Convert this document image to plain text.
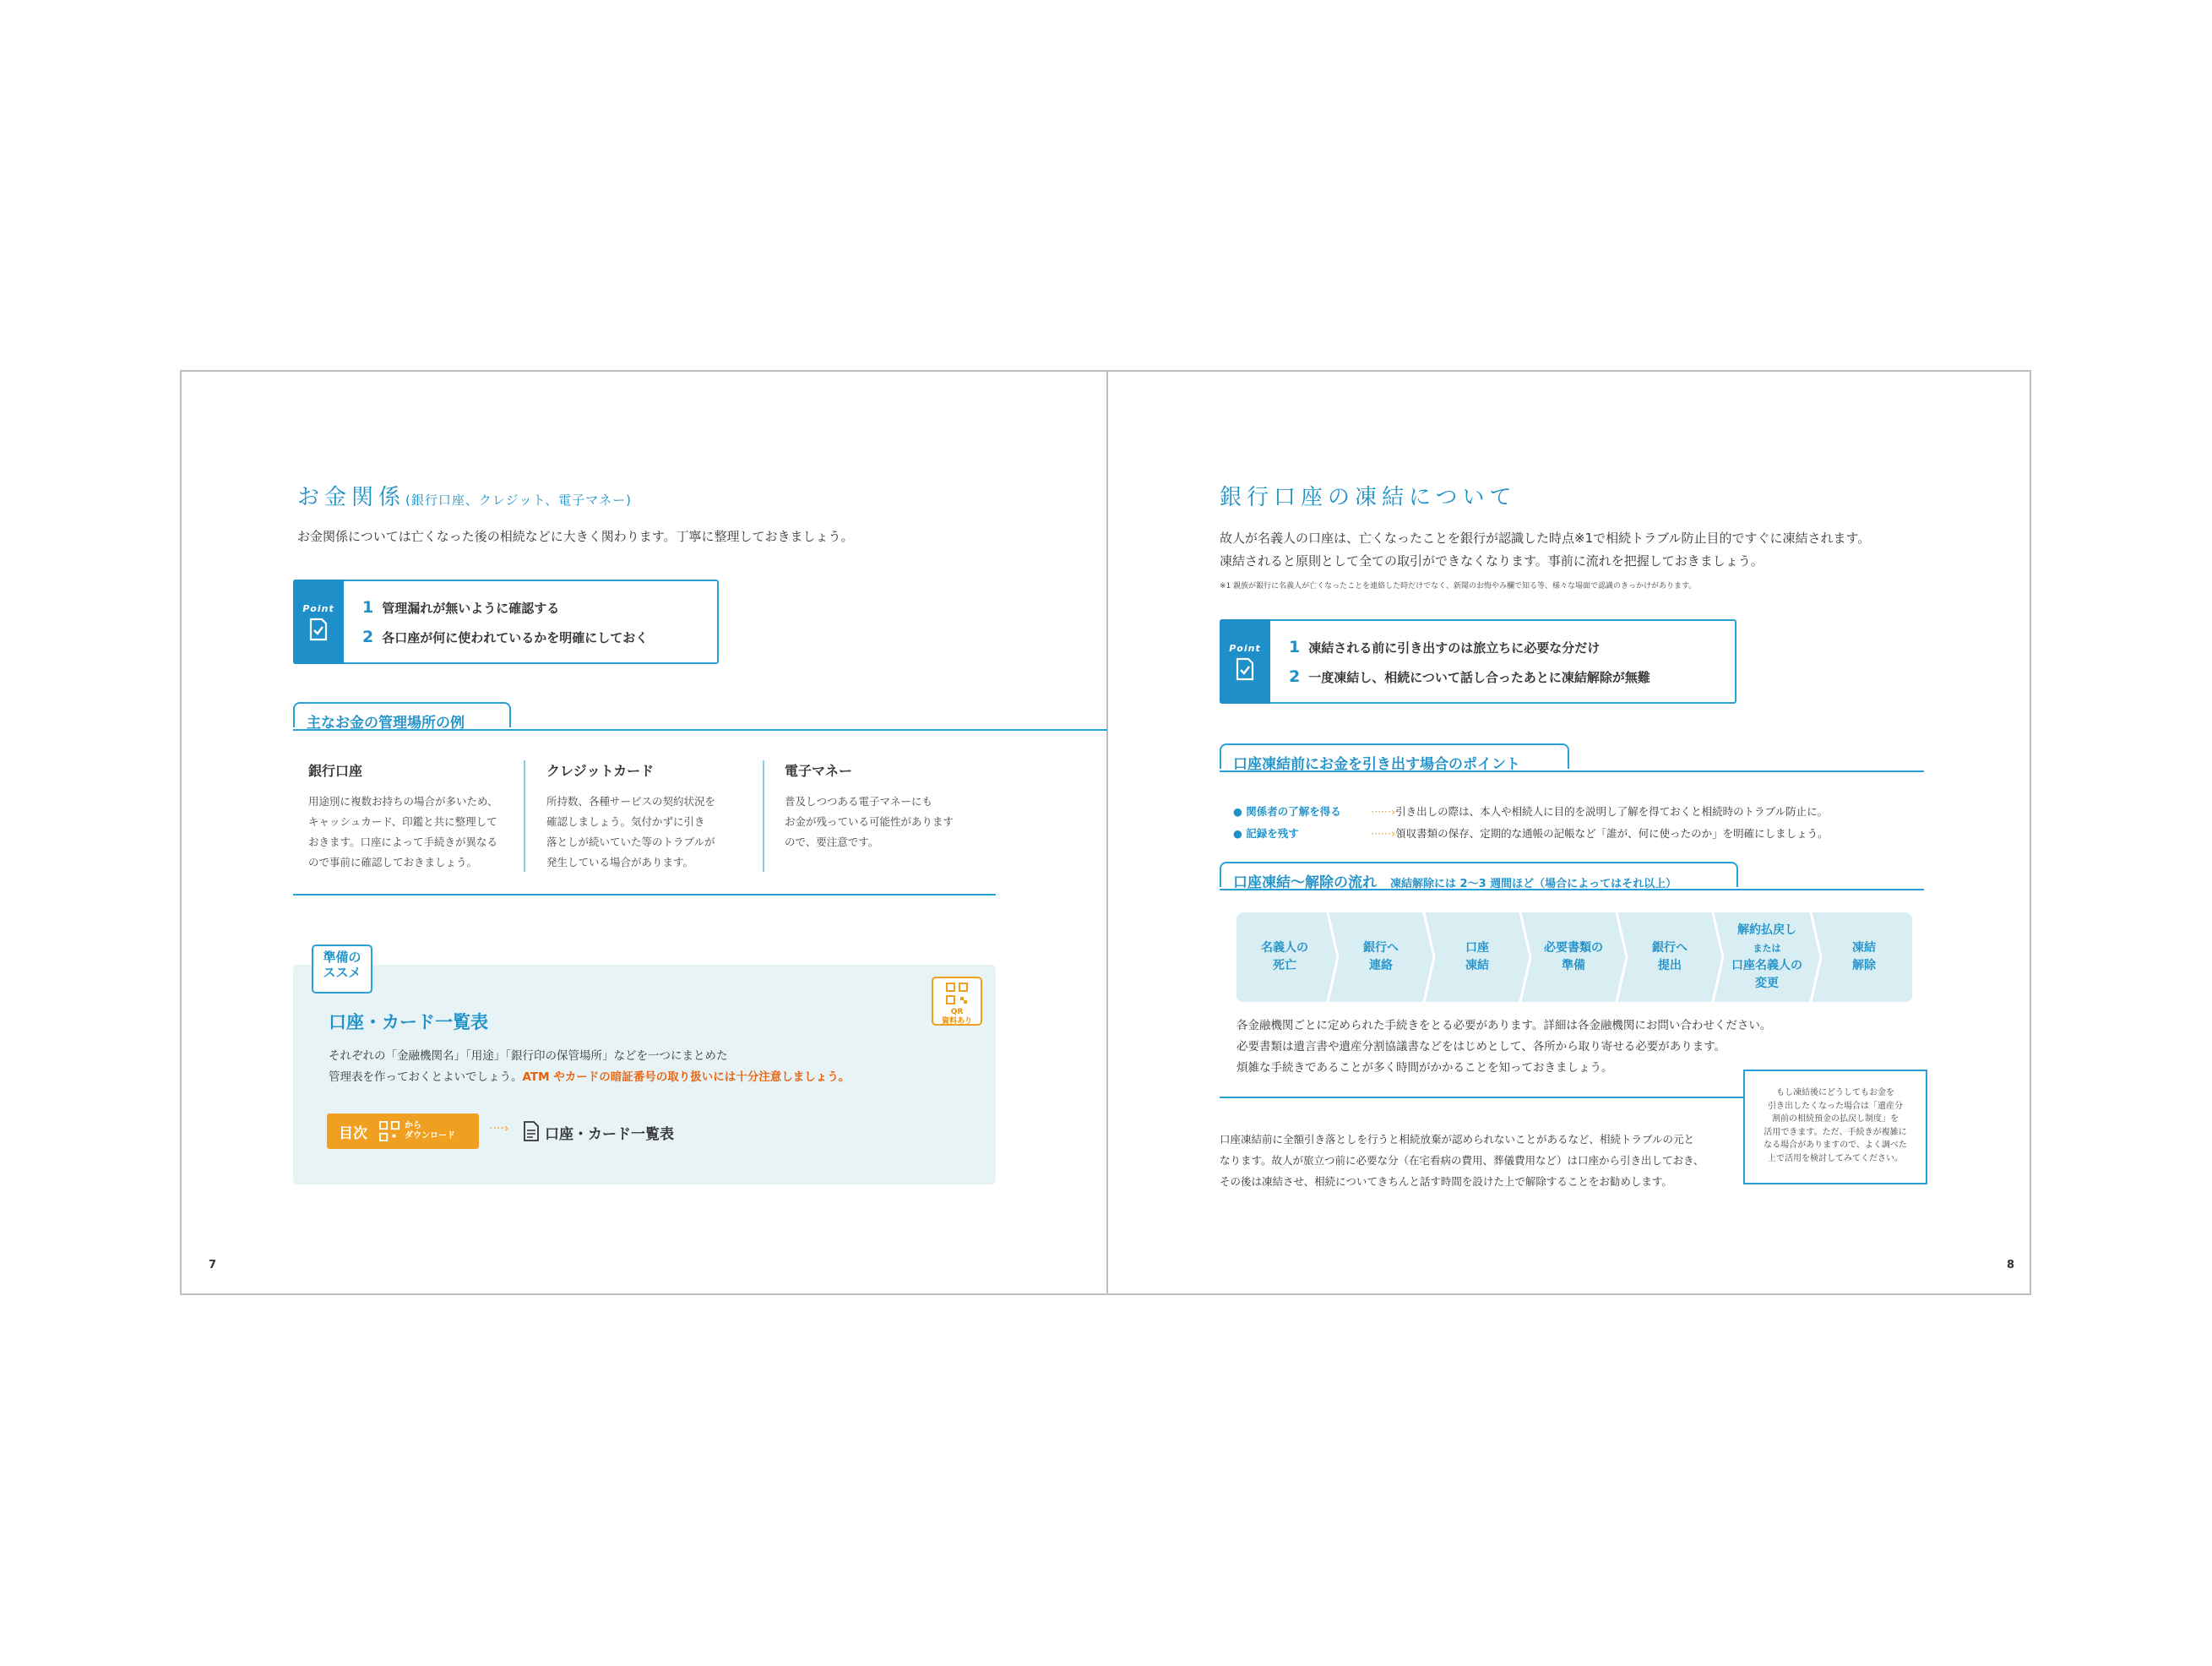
お金関係(銀行口座、クレジット、電子マネー)
お金関係については亡くなった後の相続などに大きく関わります。丁寧に整理しておきましょう。
Point 1 管理漏れが無いように確認する
2 各口座が何に使われているかを明確にしておく
主なお金の管理場所の例
銀行口座

用途別に複数お持ちの場合が多いため、
キャッシュカード、印鑑と共に整理して
おきます。口座によって手続きが異なる
ので事前に確認しておきましょう。

クレジットカード

所持数、各種サービスの契約状況を
確認しましょう。気付かずに引き
落としが続いていた等のトラブルが
発生している場合があります。

電子マネー

普及しつつある電子マネーにも
お金が残っている可能性があります
ので、要注意です。

準備の
ススメ
QR
資料あり
口座・カード一覧表
それぞれの「金融機関名」「用途」「銀行印の保管場所」などを一つにまとめた
管理表を作っておくとよいでしょう。ATM やカードの暗証番号の取り扱いには十分注意しましょう。
目次	から
ダウンロード
····›	口座・カード一覧表
7
銀行口座の凍結について
故人が名義人の口座は、亡くなったことを銀行が認識した時点※1で相続トラブル防止目的ですぐに凍結されます。
凍結されると原則として全ての取引ができなくなります。事前に流れを把握しておきましょう。
※1 親族が銀行に名義人が亡くなったことを連絡した時だけでなく、新聞のお悔やみ欄で知る等、様々な場面で認識のきっかけがあります。
Point 1 凍結される前に引き出すのは旅立ちに必要な分だけ
2 一度凍結し、相続について話し合ったあとに凍結解除が無難
口座凍結前にお金を引き出す場合のポイント
● 関係者の了解を得る	······›引き出しの際は、本人や相続人に目的を説明し了解を得ておくと相続時のトラブル防止に。
● 記録を残す	······›領収書類の保存、定期的な通帳の記帳など「誰が、何に使ったのか」を明確にしましょう。
口座凍結〜解除の流れ 凍結解除には 2〜3 週間ほど（場合によってはそれ以上）
名義人の
死亡
銀行へ
連絡
口座
凍結
必要書類の
準備
銀行へ
提出
解約払戻し
または
口座名義人の
変更
凍結
解除
各金融機関ごとに定められた手続きをとる必要があります。詳細は各金融機関にお問い合わせください。
必要書類は遺言書や遺産分割協議書などをはじめとして、各所から取り寄せる必要があります。
煩雑な手続きであることが多く時間がかかることを知っておきましょう。
口座凍結前に全額引き落としを行うと相続放棄が認められないことがあるなど、相続トラブルの元と
なります。故人が旅立つ前に必要な分（在宅看病の費用、葬儀費用など）は口座から引き出しておき、
その後は凍結させ、相続についてきちんと話す時間を設けた上で解除することをお勧めします。

もし凍結後にどうしてもお金を
引き出したくなった場合は「遺産分
割前の相続預金の払戻し制度」を
活用できます。ただ、手続きが複雑に
なる場合がありますので、よく調べた
上で活用を検討してみてください。

8
